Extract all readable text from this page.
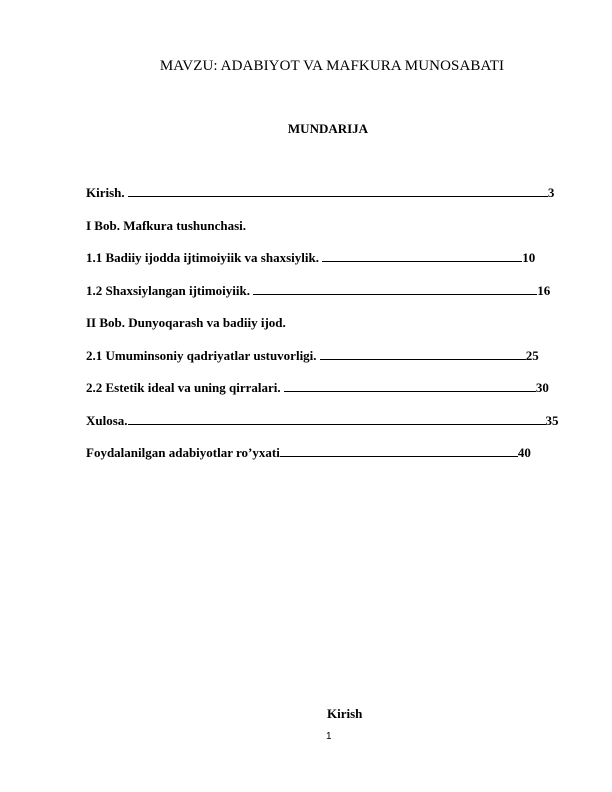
MAVZU: ADABIYOT VA MAFKURA MUNOSABATI
MUNDARIJA
Kirish.	3
I Bob. Mafkura tushunchasi.
1.1 Badiiy ijodda ijtimoiyiik va shaxsiylik.	10
1.2 Shaxsiylangan ijtimoiyiik.	16
II Bob. Dunyoqarash va badiiy ijod.
2.1 Umuminsoniy qadriyatlar ustuvorligi.	25
2.2 Estetik ideal va uning qirralari.	30
Xulosa.	35
Foydalanilgan adabiyotlar ro’yxati	40
Kirish
1
